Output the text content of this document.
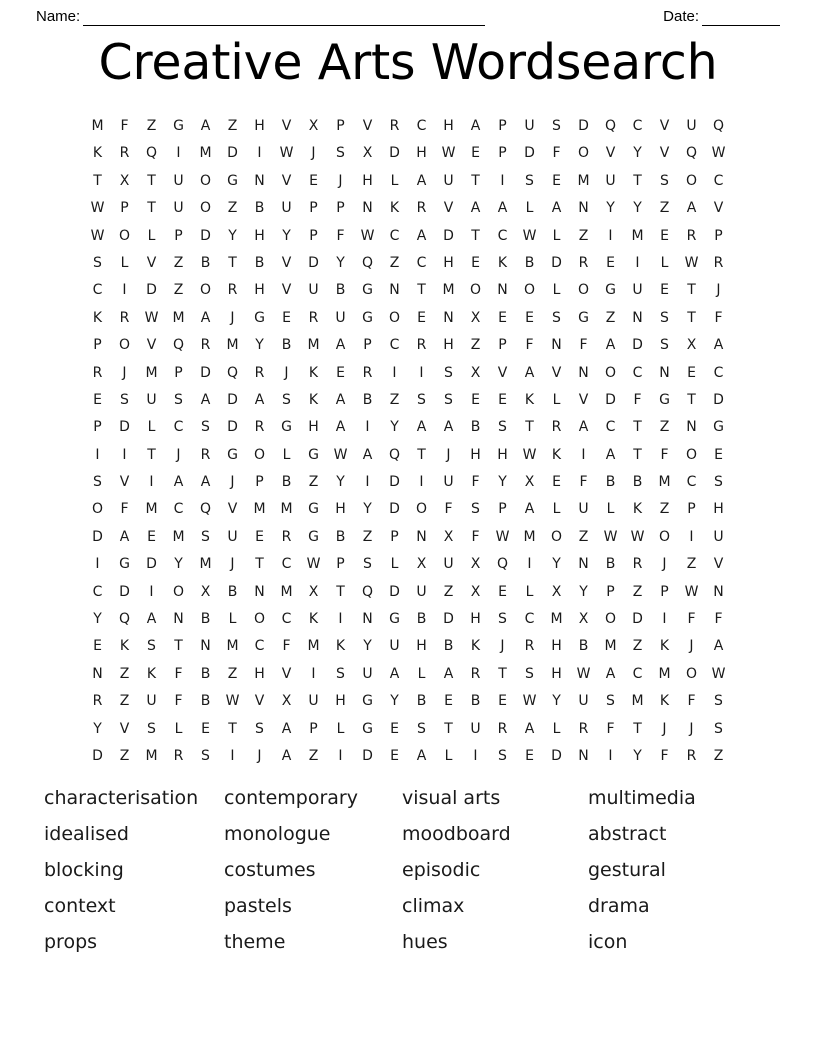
Name:	Date:
Creative Arts Wordsearch
M	F	Z	G	A	Z	H	V	X	P	V	R	C	H	A	P	U	S	D	Q	C	V	U	Q
K	R	Q	I	M	D	I	W	J	S	X	D	H	W	E	P	D	F	O	V	Y	V	Q	W
T	X	T	U	O	G	N	V	E	J	H	L	A	U	T	I	S	E	M	U	T	S	O	C
W	P	T	U	O	Z	B	U	P	P	N	K	R	V	A	A	L	A	N	Y	Y	Z	A	V
W	O	L	P	D	Y	H	Y	P	F	W	C	A	D	T	C	W	L	Z	I	M	E	R	P
S	L	V	Z	B	T	B	V	D	Y	Q	Z	C	H	E	K	B	D	R	E	I	L	W	R
C	I	D	Z	O	R	H	V	U	B	G	N	T	M	O	N	O	L	O	G	U	E	T	J
K	R	W	M	A	J	G	E	R	U	G	O	E	N	X	E	E	S	G	Z	N	S	T	F
P	O	V	Q	R	M	Y	B	M	A	P	C	R	H	Z	P	F	N	F	A	D	S	X	A
R	J	M	P	D	Q	R	J	K	E	R	I	I	S	X	V	A	V	N	O	C	N	E	C
E	S	U	S	A	D	A	S	K	A	B	Z	S	S	E	E	K	L	V	D	F	G	T	D
P	D	L	C	S	D	R	G	H	A	I	Y	A	A	B	S	T	R	A	C	T	Z	N	G
I	I	T	J	R	G	O	L	G	W	A	Q	T	J	H	H	W	K	I	A	T	F	O	E
S	V	I	A	A	J	P	B	Z	Y	I	D	I	U	F	Y	X	E	F	B	B	M	C	S
O	F	M	C	Q	V	M	M	G	H	Y	D	O	F	S	P	A	L	U	L	K	Z	P	H
D	A	E	M	S	U	E	R	G	B	Z	P	N	X	F	W	M	O	Z	W W	O	I	U
I	G	D	Y	M	J	T	C	W	P	S	L	X	U	X	Q	I	Y	N	B	R	J	Z	V
C	D	I	O	X	B	N	M	X	T	Q	D	U	Z	X	E	L	X	Y	P	Z	P	W	N
Y	Q	A	N	B	L	O	C	K	I	N	G	B	D	H	S	C	M	X	O	D	I	F	F
E	K	S	T	N	M	C	F	M	K	Y	U	H	B	K	J	R	H	B	M	Z	K	J	A
N	Z	K	F	B	Z	H	V	I	S	U	A	L	A	R	T	S	H	W	A	C	M	O	W
R	Z	U	F	B	W	V	X	U	H	G	Y	B	E	B	E	W	Y	U	S	M	K	F	S
Y	V	S	L	E	T	S	A	P	L	G	E	S	T	U	R	A	L	R	F	T	J	J	S
D	Z	M	R	S	I	J	A	Z	I	D	E	A	L	I	S	E	D	N	I	Y	F	R	Z
characterisation	contemporary	visual arts	multimedia
idealised	monologue	moodboard	abstract
blocking	costumes	episodic	gestural
context	pastels	climax	drama
props	theme	hues	icon
